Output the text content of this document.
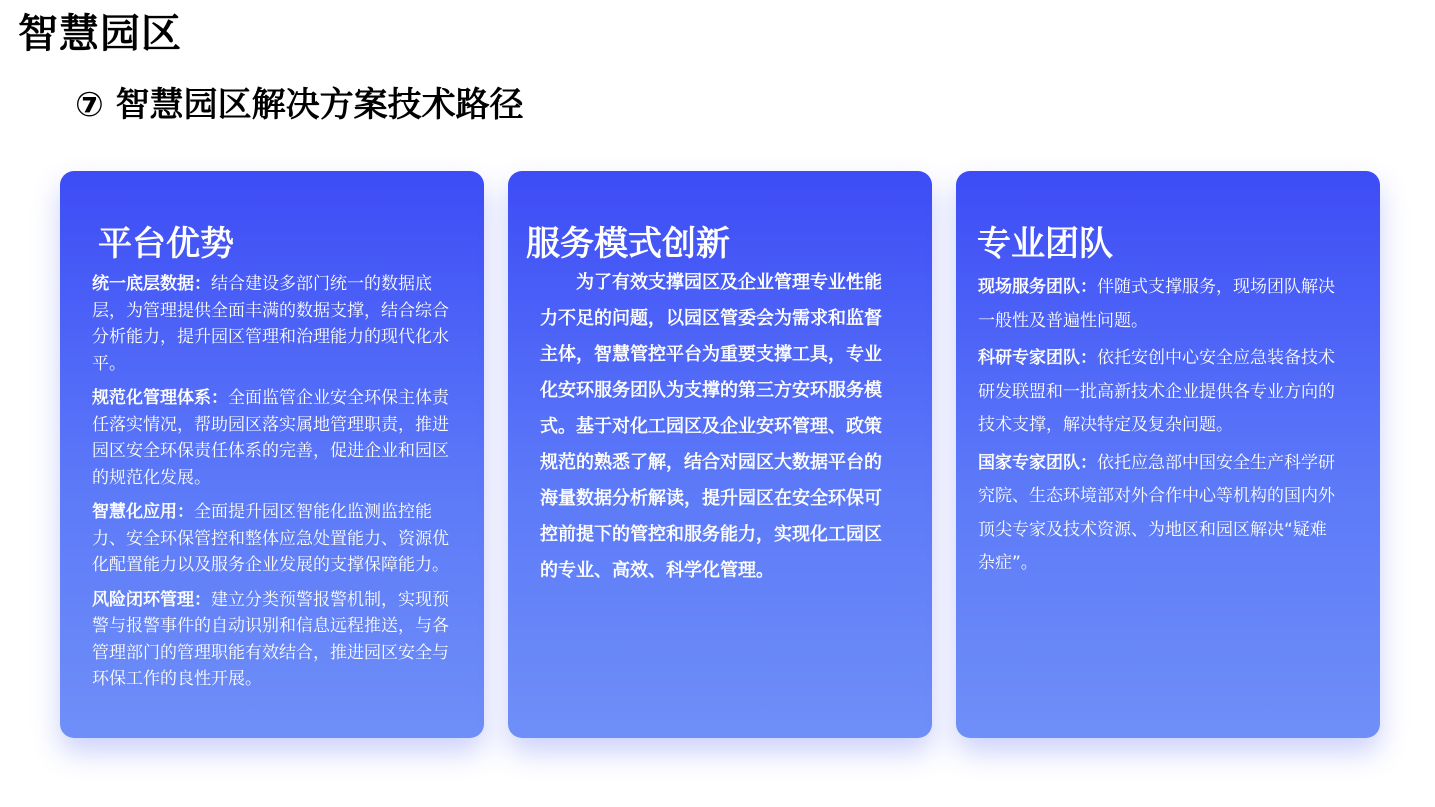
智慧园区
⑦ 智慧园区解决方案技术路径
平台优势

统一底层数据：结合建设多部门统一的数据底层，为管理提供全面丰满的数据支撑，结合综合分析能力，提升园区管理和治理能力的现代化水平。

规范化管理体系：全面监管企业安全环保主体责任落实情况，帮助园区落实属地管理职责，推进园区安全环保责任体系的完善，促进企业和园区的规范化发展。

智慧化应用：全面提升园区智能化监测监控能力、安全环保管控和整体应急处置能力、资源优化配置能力以及服务企业发展的支撑保障能力。

风险闭环管理：建立分类预警报警机制，实现预警与报警事件的自动识别和信息远程推送，与各管理部门的管理职能有效结合，推进园区安全与环保工作的良性开展。

服务模式创新
为了有效支撑园区及企业管理专业性能力不足的问题，以园区管委会为需求和监督主体，智慧管控平台为重要支撑工具，专业化安环服务团队为支撑的第三方安环服务模式。基于对化工园区及企业安环管理、政策规范的熟悉了解，结合对园区大数据平台的海量数据分析解读，提升园区在安全环保可控前提下的管控和服务能力，实现化工园区的专业、高效、科学化管理。
专业团队

现场服务团队：伴随式支撑服务，现场团队解决一般性及普遍性问题。

科研专家团队：依托安创中心安全应急装备技术研发联盟和一批高新技术企业提供各专业方向的技术支撑，解决特定及复杂问题。

国家专家团队：依托应急部中国安全生产科学研究院、生态环境部对外合作中心等机构的国内外顶尖专家及技术资源、为地区和园区解决“疑难杂症”。
